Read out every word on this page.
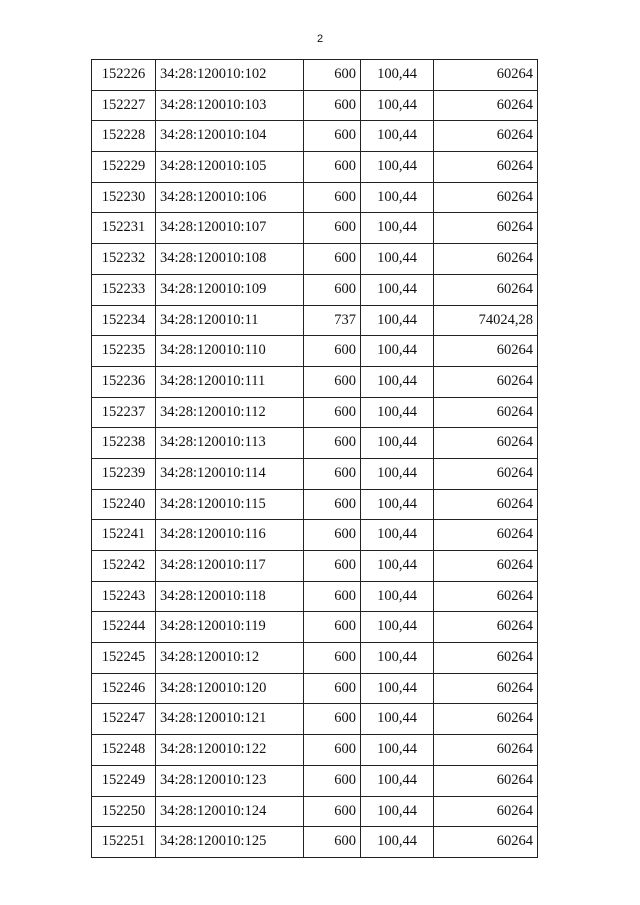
2
152226	34:28:120010:102	600	100,44	60264
152227	34:28:120010:103	600	100,44	60264
152228	34:28:120010:104	600	100,44	60264
152229	34:28:120010:105	600	100,44	60264
152230	34:28:120010:106	600	100,44	60264
152231	34:28:120010:107	600	100,44	60264
152232	34:28:120010:108	600	100,44	60264
152233	34:28:120010:109	600	100,44	60264
152234	34:28:120010:11	737	100,44	74024,28
152235	34:28:120010:110	600	100,44	60264
152236	34:28:120010:111	600	100,44	60264
152237	34:28:120010:112	600	100,44	60264
152238	34:28:120010:113	600	100,44	60264
152239	34:28:120010:114	600	100,44	60264
152240	34:28:120010:115	600	100,44	60264
152241	34:28:120010:116	600	100,44	60264
152242	34:28:120010:117	600	100,44	60264
152243	34:28:120010:118	600	100,44	60264
152244	34:28:120010:119	600	100,44	60264
152245	34:28:120010:12	600	100,44	60264
152246	34:28:120010:120	600	100,44	60264
152247	34:28:120010:121	600	100,44	60264
152248	34:28:120010:122	600	100,44	60264
152249	34:28:120010:123	600	100,44	60264
152250	34:28:120010:124	600	100,44	60264
152251	34:28:120010:125	600	100,44	60264
